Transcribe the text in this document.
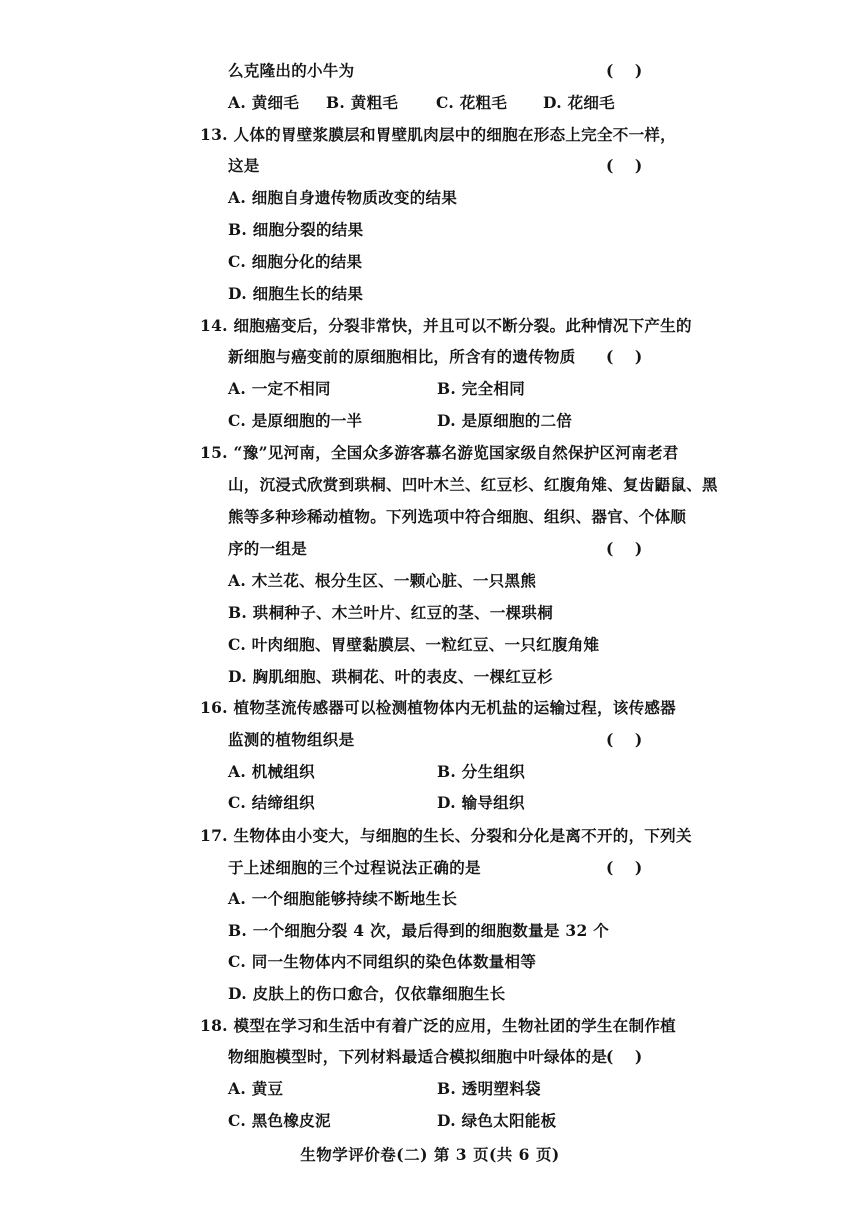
么克隆出的小牛为	(    )
A. 黄细毛 B. 黄粗毛 C. 花粗毛 D. 花细毛
13. 人体的胃壁浆膜层和胃壁肌肉层中的细胞在形态上完全不一样，
这是	(    )
A. 细胞自身遗传物质改变的结果
B. 细胞分裂的结果
C. 细胞分化的结果
D. 细胞生长的结果
14. 细胞癌变后，分裂非常快，并且可以不断分裂。此种情况下产生的
新细胞与癌变前的原细胞相比，所含有的遗传物质 (    )
A. 一定不相同	B. 完全相同
C. 是原细胞的一半	D. 是原细胞的二倍
15. “豫”见河南，全国众多游客慕名游览国家级自然保护区河南老君
山，沉浸式欣赏到珙桐、凹叶木兰、红豆杉、红腹角雉、复齿鼯鼠、黑
熊等多种珍稀动植物。下列选项中符合细胞、组织、器官、个体顺
序的一组是	(    )
A. 木兰花、根分生区、一颗心脏、一只黑熊
B. 珙桐种子、木兰叶片、红豆的茎、一棵珙桐
C. 叶肉细胞、胃壁黏膜层、一粒红豆、一只红腹角雉
D. 胸肌细胞、珙桐花、叶的表皮、一棵红豆杉
16. 植物茎流传感器可以检测植物体内无机盐的运输过程，该传感器
监测的植物组织是	(    )
A. 机械组织	B. 分生组织
C. 结缔组织	D. 输导组织
17. 生物体由小变大，与细胞的生长、分裂和分化是离不开的，下列关
于上述细胞的三个过程说法正确的是	(    )
A. 一个细胞能够持续不断地生长
B. 一个细胞分裂 4 次，最后得到的细胞数量是 32 个
C. 同一生物体内不同组织的染色体数量相等
D. 皮肤上的伤口愈合，仅依靠细胞生长
18. 模型在学习和生活中有着广泛的应用，生物社团的学生在制作植
物细胞模型时，下列材料最适合模拟细胞中叶绿体的是
(    )
A. 黄豆	B. 透明塑料袋
C. 黑色橡皮泥	D. 绿色太阳能板
生物学评价卷(二) 第 3 页(共 6 页)
